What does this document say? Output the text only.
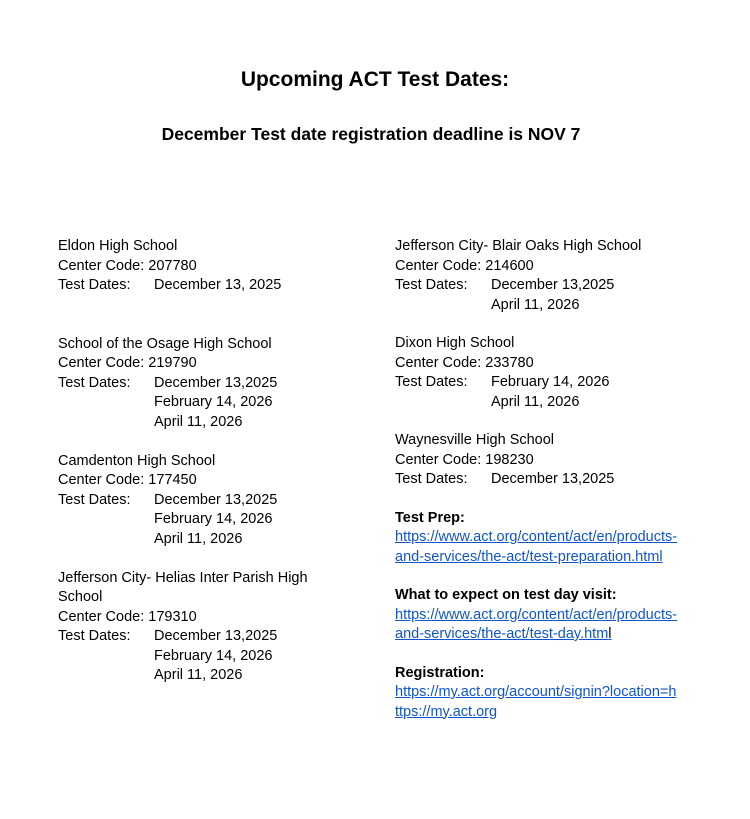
Upcoming ACT Test Dates:
December Test date registration deadline is NOV 7
Eldon High School
Center Code: 207780
Test Dates:	December 13, 2025
School of the Osage High School
Center Code: 219790
Test Dates:	December 13,2025
February 14, 2026
April 11, 2026
Camdenton High School
Center Code: 177450
Test Dates:	December 13,2025
February 14, 2026
April 11, 2026
Jefferson City- Helias Inter Parish High
School
Center Code: 179310
Test Dates:	December 13,2025
February 14, 2026
April 11, 2026
Jefferson City- Blair Oaks High School
Center Code: 214600
Test Dates:	December 13,2025
April 11, 2026
Dixon High School
Center Code: 233780
Test Dates:	February 14, 2026
April 11, 2026
Waynesville High School
Center Code: 198230
Test Dates:	December 13,2025
Test Prep:
https://www.act.org/content/act/en/products-
and-services/the-act/test-preparation.html
What to expect on test day visit:
https://www.act.org/content/act/en/products-
and-services/the-act/test-day.html
Registration:
https://my.act.org/account/signin?location=h
ttps://my.act.org
